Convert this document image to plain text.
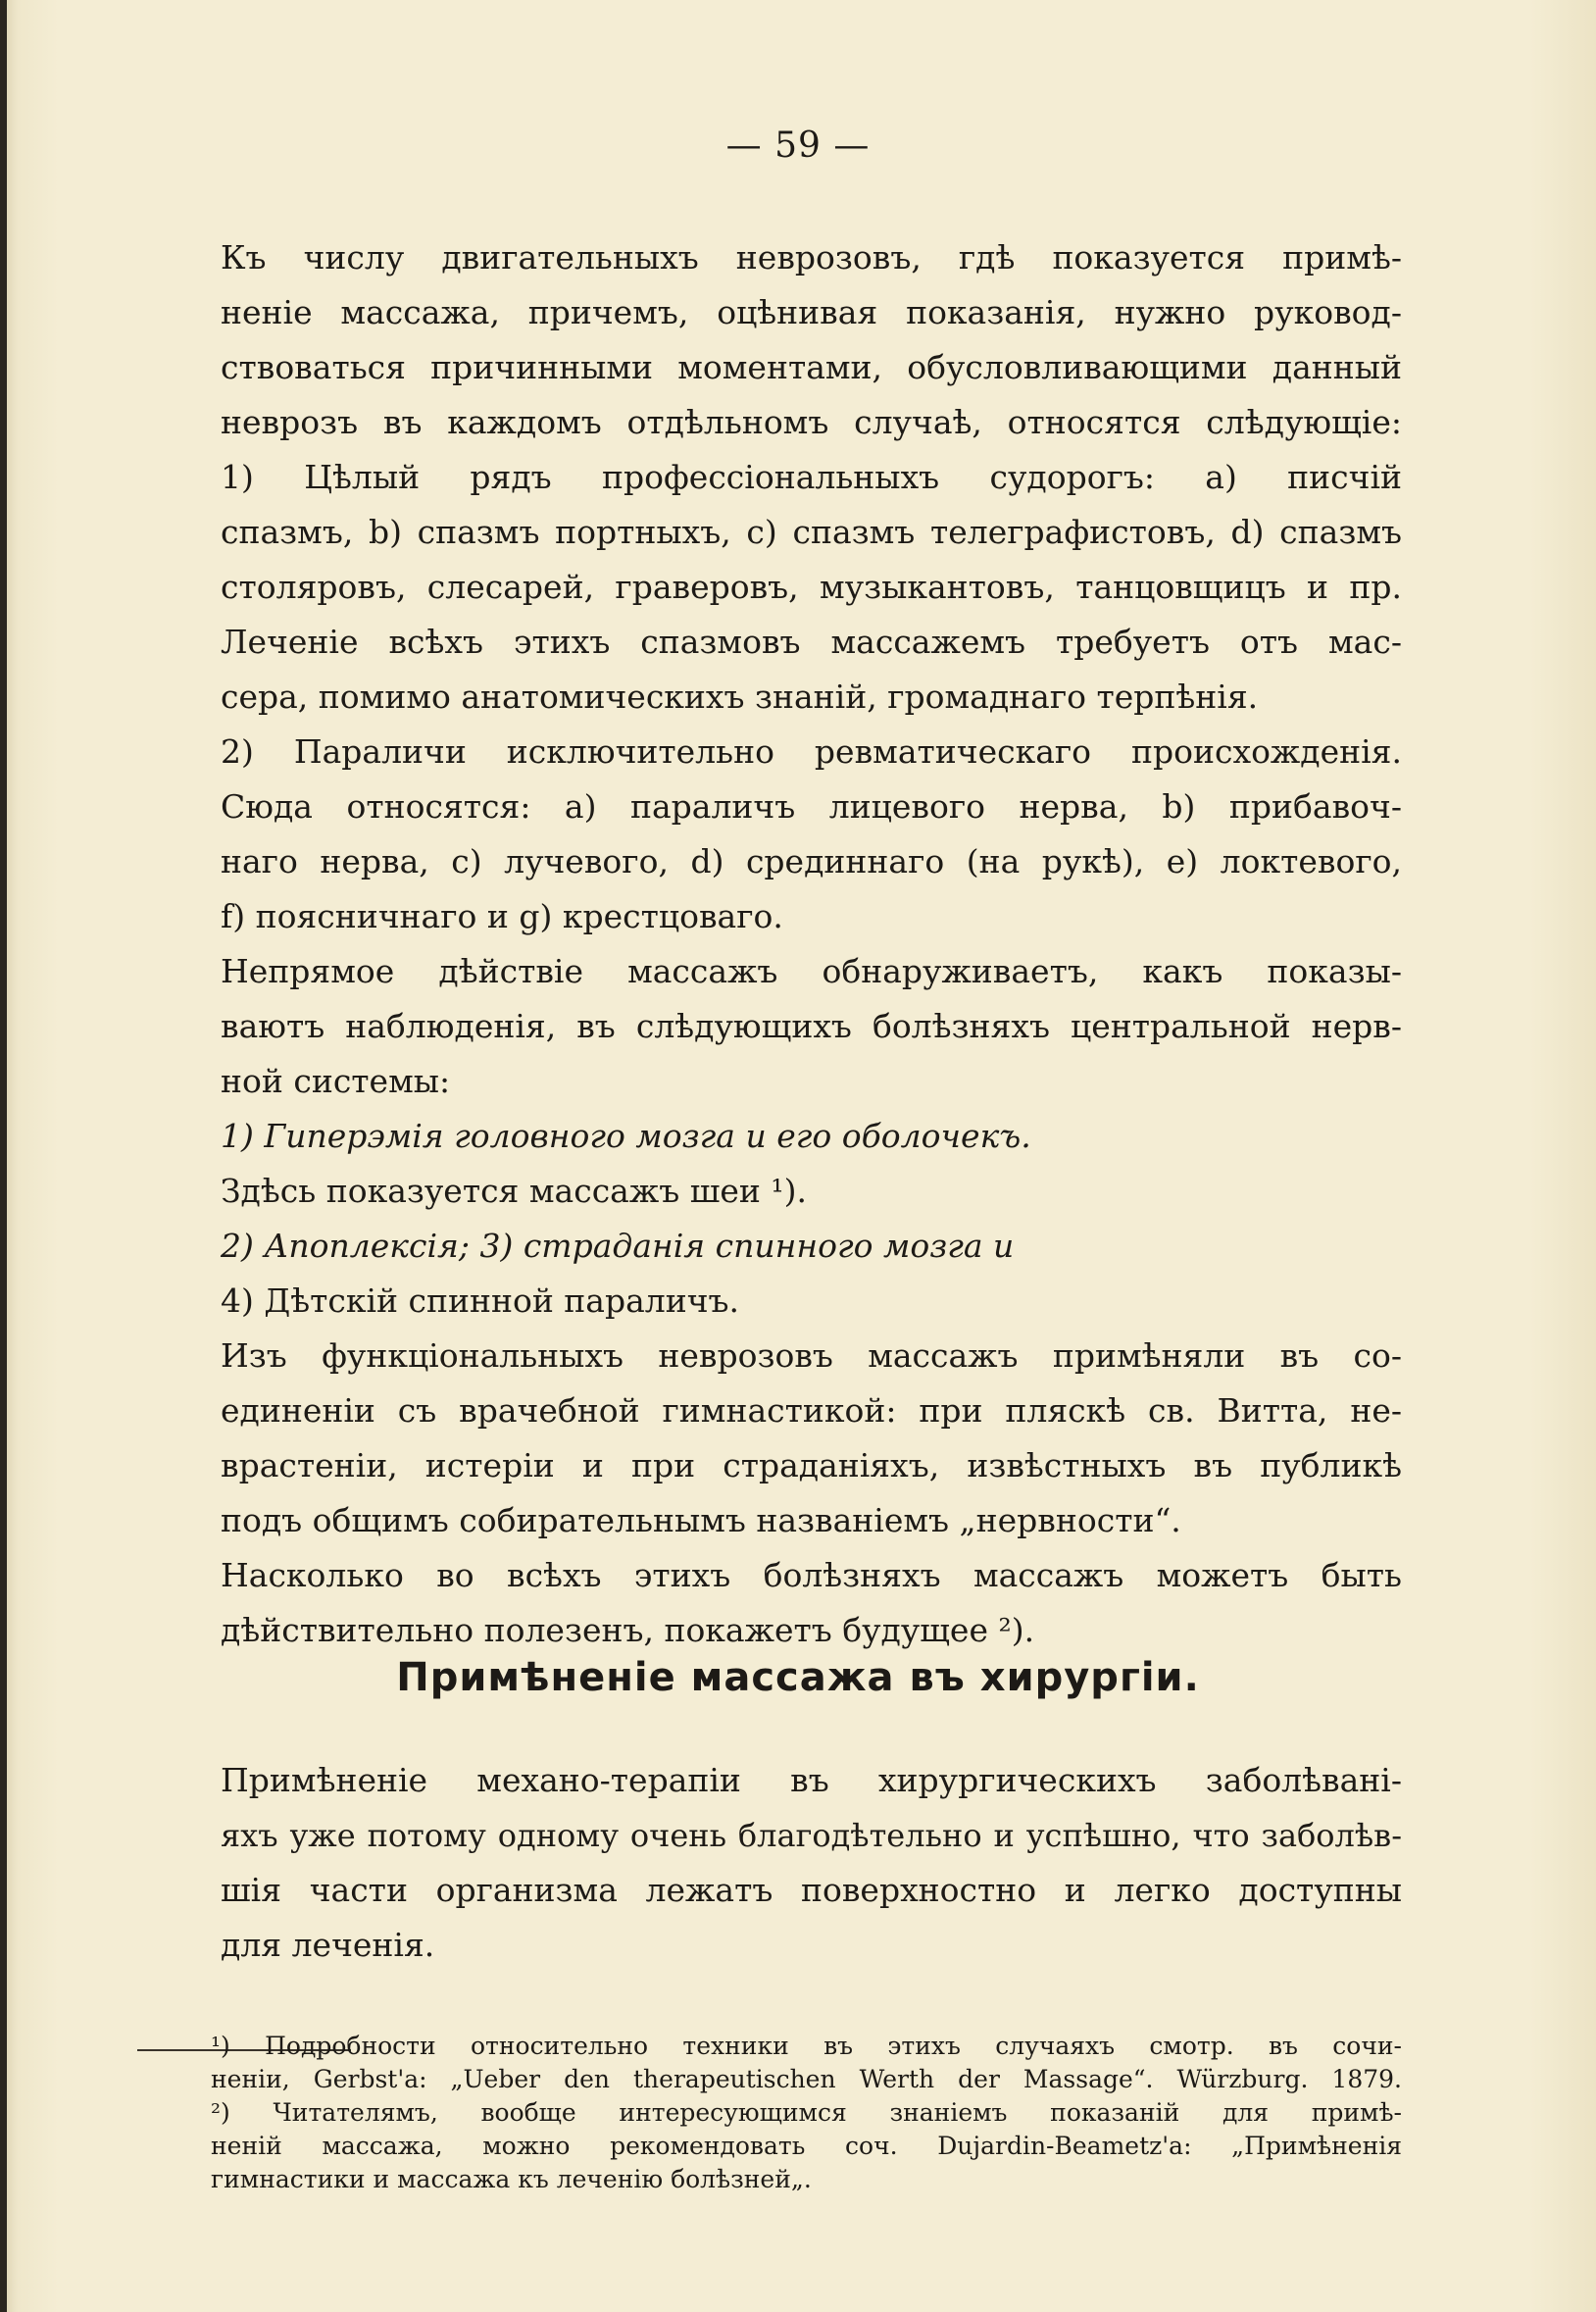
— 59 —
Къ числу двигательныхъ неврозовъ, гдѣ показуется примѣ-
неніе массажа, причемъ, оцѣнивая показанія, нужно руковод-
ствоваться причинными моментами, обусловливающими данный
неврозъ въ каждомъ отдѣльномъ случаѣ, относятся слѣдующіе:
1) Цѣлый рядъ профессіональныхъ судорогъ: a) писчій
спазмъ, b) спазмъ портныхъ, c) спазмъ телеграфистовъ, d) спазмъ
столяровъ, слесарей, граверовъ, музыкантовъ, танцовщицъ и пр.
Леченіе всѣхъ этихъ спазмовъ массажемъ требуетъ отъ мас-
сера, помимо анатомическихъ знаній, громаднаго терпѣнія.
2) Параличи исключительно ревматическаго происхожденія.
Сюда относятся: a) параличъ лицевого нерва, b) прибавоч-
наго нерва, c) лучевого, d) срединнаго (на рукѣ), e) локтевого,
f) поясничнаго и g) крестцоваго.
Непрямое дѣйствіе массажъ обнаруживаетъ, какъ показы-
ваютъ наблюденія, въ слѣдующихъ болѣзняхъ центральной нерв-
ной системы:
1) Гиперэмія головного мозга и его оболочекъ.
Здѣсь показуется массажъ шеи ¹).
2) Апоплексія; 3) страданія спинного мозга и
4) Дѣтскій спинной параличъ.
Изъ функціональныхъ неврозовъ массажъ примѣняли въ со-
единеніи съ врачебной гимнастикой: при пляскѣ св. Витта, не-
врастеніи, истеріи и при страданіяхъ, извѣстныхъ въ публикѣ
подъ общимъ собирательнымъ названіемъ „нервности“.
Насколько во всѣхъ этихъ болѣзняхъ массажъ можетъ быть
дѣйствительно полезенъ, покажетъ будущее ²).
Примѣненіе массажа въ хирургіи.
Примѣненіе механо-терапіи въ хирургическихъ заболѣвані-
яхъ уже потому одному очень благодѣтельно и успѣшно, что заболѣв-
шія части организма лежатъ поверхностно и легко доступны
для леченія.
¹) Подробности относительно техники въ этихъ случаяхъ смотр. въ сочи-
неніи, Gerbst'a: „Ueber den therapeutischen Werth der Massage“. Würzburg. 1879.
²) Читателямъ, вообще интересующимся знаніемъ показаній для примѣ-
неній массажа, можно рекомендовать соч. Dujardin-Beametz'a: „Примѣненія
гимнастики и массажа къ леченію болѣзней„.
